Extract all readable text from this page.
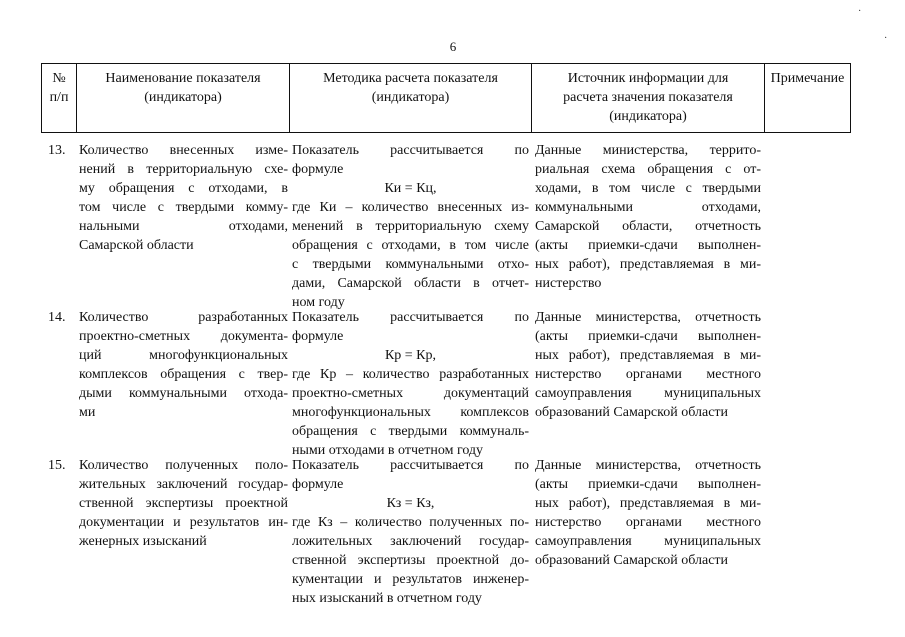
6
№
п/п
Наименование показателя
(индикатора)
Методика расчета показателя
(индикатора)
Источник информации для
расчета значения показателя
(индикатора)
Примечание
13. Количество внесенных изме-
нений в территориальную схе-
му обращения с отходами, в
том числе с твердыми комму-
нальными отходами,
Самарской области
Показатель рассчитывается по
формуле
Ки = Кц,
где Ки – количество внесенных из-
менений в территориальную схему
обращения с отходами, в том числе
с твердыми коммунальными отхо-
дами, Самарской области в отчет-
ном году
Данные министерства, террито-
риальная схема обращения с от-
ходами, в том числе с твердыми
коммунальными отходами,
Самарской области, отчетность
(акты приемки-сдачи выполнен-
ных работ), представляемая в ми-
нистерство
14. Количество разработанных
проектно-сметных документа-
ций многофункциональных
комплексов обращения с твер-
дыми коммунальными отхода-
ми
Показатель рассчитывается по
формуле
Кр = Кр,
где Кр – количество разработанных
проектно-сметных документаций
многофункциональных комплексов
обращения с твердыми коммуналь-
ными отходами в отчетном году
Данные министерства, отчетность
(акты приемки-сдачи выполнен-
ных работ), представляемая в ми-
нистерство органами местного
самоуправления муниципальных
образований Самарской области
15. Количество полученных поло-
жительных заключений государ-
ственной экспертизы проектной
документации и результатов ин-
женерных изысканий
Показатель рассчитывается по
формуле
Кз = Кз,
где Кз – количество полученных по-
ложительных заключений государ-
ственной экспертизы проектной до-
кументации и результатов инженер-
ных изысканий в отчетном году
Данные министерства, отчетность
(акты приемки-сдачи выполнен-
ных работ), представляемая в ми-
нистерство органами местного
самоуправления муниципальных
образований Самарской области
·
·
